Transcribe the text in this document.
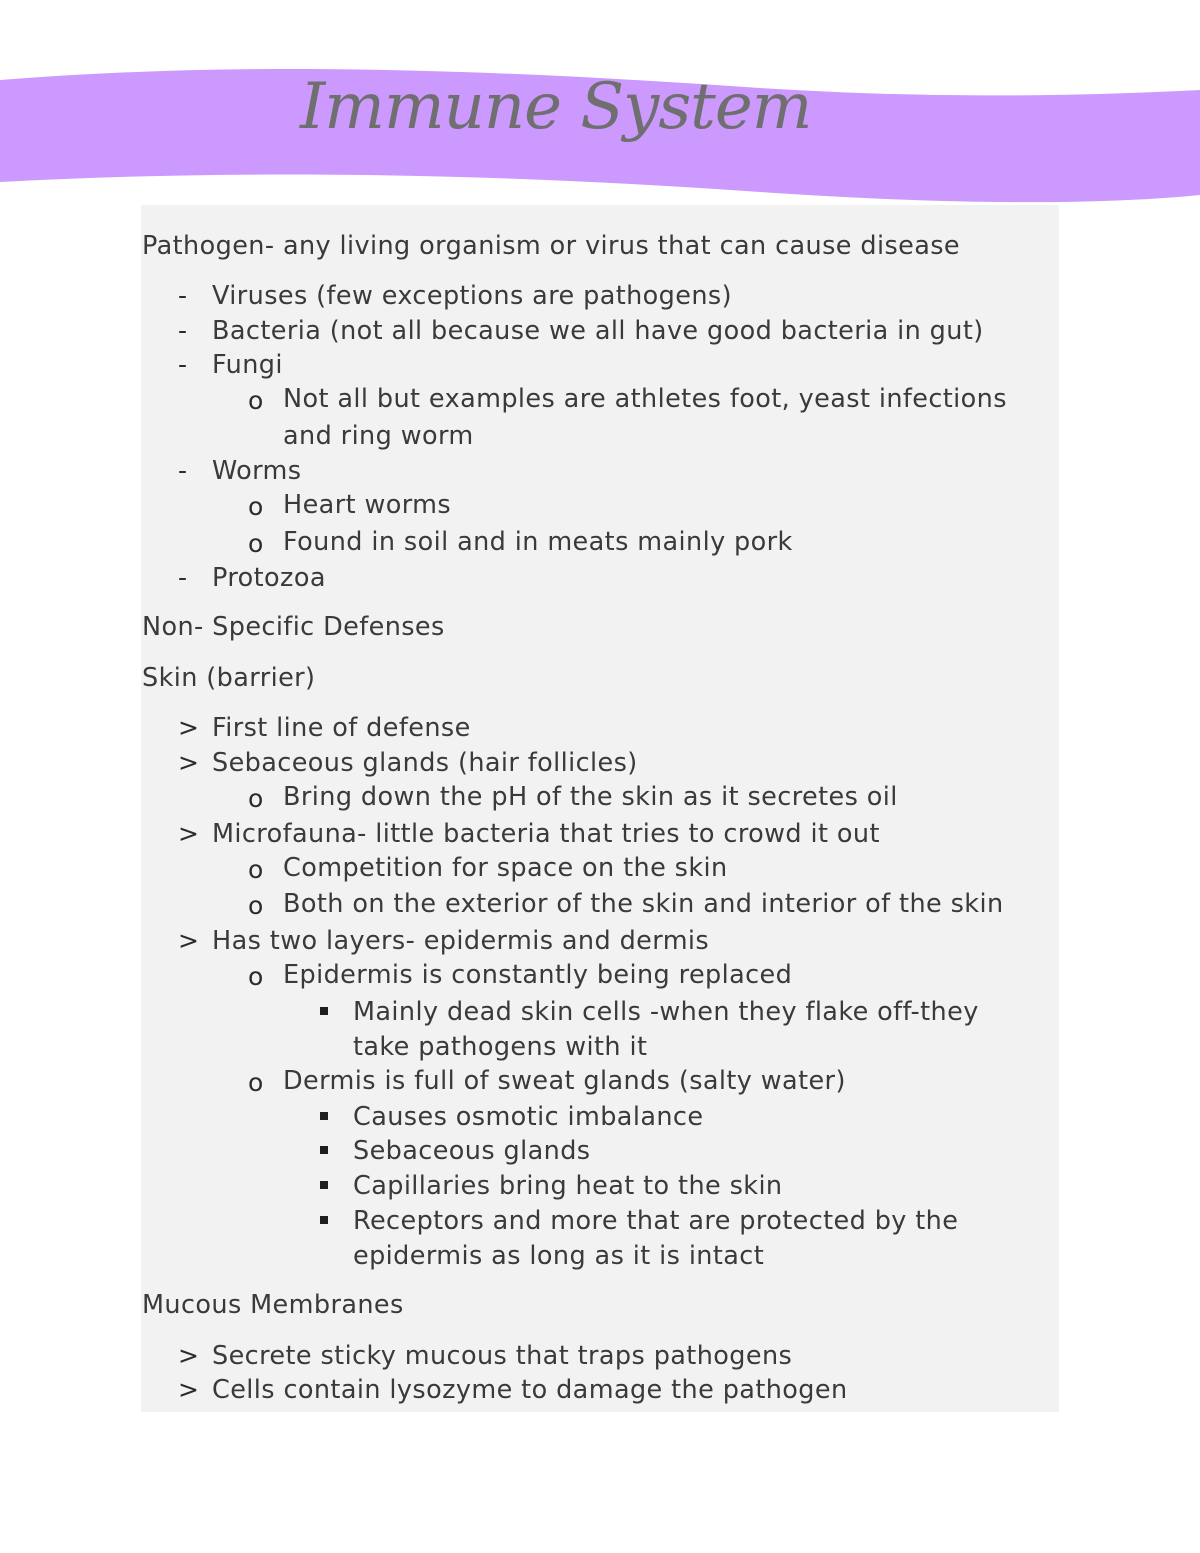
Immune System
Pathogen- any living organism or virus that can cause disease
- Viruses (few exceptions are pathogens)
- Bacteria (not all because we all have good bacteria in gut)
- Fungi
o Not all but examples are athletes foot, yeast infections
and ring worm
- Worms
o Heart worms
o Found in soil and in meats mainly pork
- Protozoa
Non- Specific Defenses
Skin (barrier)
> First line of defense
> Sebaceous glands (hair follicles)
o Bring down the pH of the skin as it secretes oil
> Microfauna- little bacteria that tries to crowd it out
o Competition for space on the skin
o Both on the exterior of the skin and interior of the skin
> Has two layers- epidermis and dermis
o Epidermis is constantly being replaced
Mainly dead skin cells -when they flake off-they
take pathogens with it
o Dermis is full of sweat glands (salty water)
Causes osmotic imbalance
Sebaceous glands
Capillaries bring heat to the skin
Receptors and more that are protected by the
epidermis as long as it is intact
Mucous Membranes
> Secrete sticky mucous that traps pathogens
> Cells contain lysozyme to damage the pathogen
